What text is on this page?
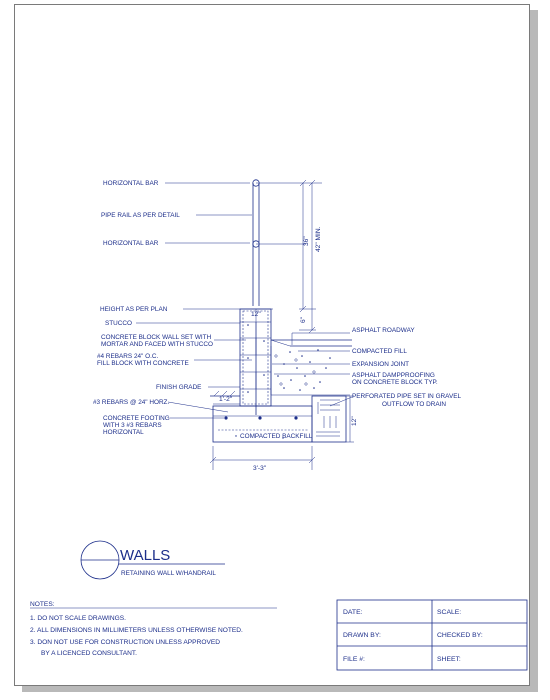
36" 42" MIN.
6"
12"
COMPACTED BACKFILL
12"
1'-2"
3'-3"
HORIZONTAL BAR
PIPE RAIL AS PER DETAIL
HORIZONTAL BAR
HEIGHT AS PER PLAN
STUCCO
CONCRETE BLOCK WALL SET WITH
MORTAR AND FACED WITH STUCCO
#4 REBARS 24" O.C.
FILL BLOCK WITH CONCRETE
FINISH GRADE
#3 REBARS @ 24" HORZ.
CONCRETE FOOTING
WITH 3 #3 REBARS
HORIZONTAL
ASPHALT ROADWAY
COMPACTED FILL
EXPANSION JOINT
ASPHALT DAMPPROOFING
ON CONCRETE BLOCK TYP.
PERFORATED PIPE SET IN GRAVEL
OUTFLOW TO DRAIN
WALLS
RETAINING WALL W/HANDRAIL
NOTES:
1. DO NOT SCALE DRAWINGS.
2. ALL DIMENSIONS IN MILLIMETERS UNLESS OTHERWISE NOTED.
3. DON NOT USE FOR CONSTRUCTION UNLESS APPROVED
BY A LICENCED CONSULTANT.
DATE:	SCALE:
DRAWN BY:	CHECKED BY:
FILE #:	SHEET:
